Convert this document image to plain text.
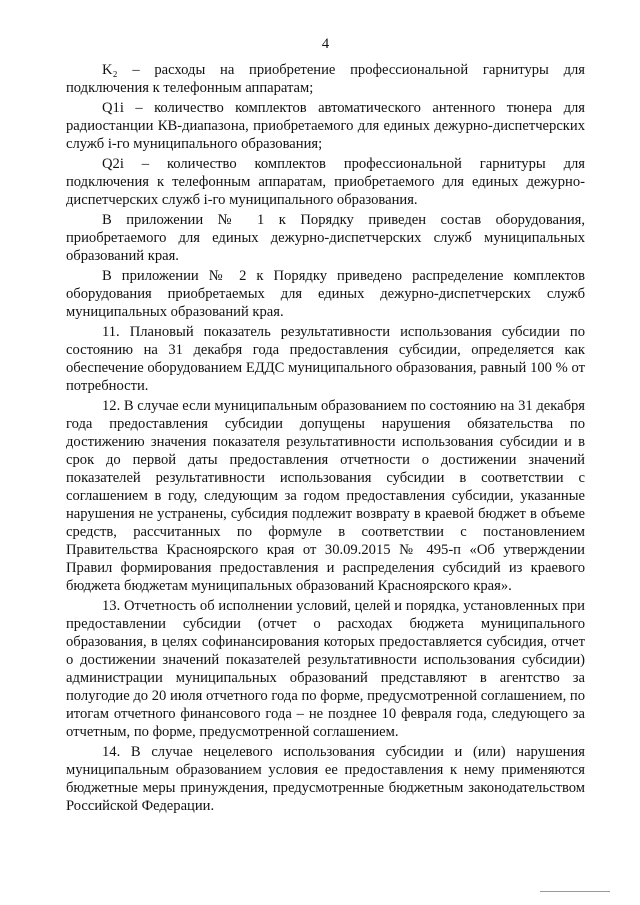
4

K₂ – расходы на приобретение профессиональной гарнитуры для подключения к телефонным аппаратам;

Q1i – количество комплектов автоматического антенного тюнера для радиостанции КВ-диапазона, приобретаемого для единых дежурно-диспетчерских служб i-го муниципального образования;

Q2i – количество комплектов профессиональной гарнитуры для подключения к телефонным аппаратам, приобретаемого для единых дежурно-диспетчерских служб i-го муниципального образования.

В приложении № 1 к Порядку приведен состав оборудования, приобретаемого для единых дежурно-диспетчерских служб муниципальных образований края.

В приложении № 2 к Порядку приведено распределение комплектов оборудования приобретаемых для единых дежурно-диспетчерских служб муниципальных образований края.

11. Плановый показатель результативности использования субсидии по состоянию на 31 декабря года предоставления субсидии, определяется как обеспечение оборудованием ЕДДС муниципального образования, равный 100 % от потребности.

12. В случае если муниципальным образованием по состоянию на 31 декабря года предоставления субсидии допущены нарушения обязательства по достижению значения показателя результативности использования субсидии и в срок до первой даты предоставления отчетности о достижении значений показателей результативности использования субсидии в соответствии с соглашением в году, следующим за годом предоставления субсидии, указанные нарушения не устранены, субсидия подлежит возврату в краевой бюджет в объеме средств, рассчитанных по формуле в соответствии с постановлением Правительства Красноярского края от 30.09.2015 № 495-п «Об утверждении Правил формирования предоставления и распределения субсидий из краевого бюджета бюджетам муниципальных образований Красноярского края».

13. Отчетность об исполнении условий, целей и порядка, установленных при предоставлении субсидии (отчет о расходах бюджета муниципального образования, в целях софинансирования которых предоставляется субсидия, отчет о достижении значений показателей результативности использования субсидии) администрации муниципальных образований представляют в агентство за полугодие до 20 июля отчетного года по форме, предусмотренной соглашением, по итогам отчетного финансового года – не позднее 10 февраля года, следующего за отчетным, по форме, предусмотренной соглашением.

14. В случае нецелевого использования субсидии и (или) нарушения муниципальным образованием условия ее предоставления к нему применяются бюджетные меры принуждения, предусмотренные бюджетным законодательством Российской Федерации.
